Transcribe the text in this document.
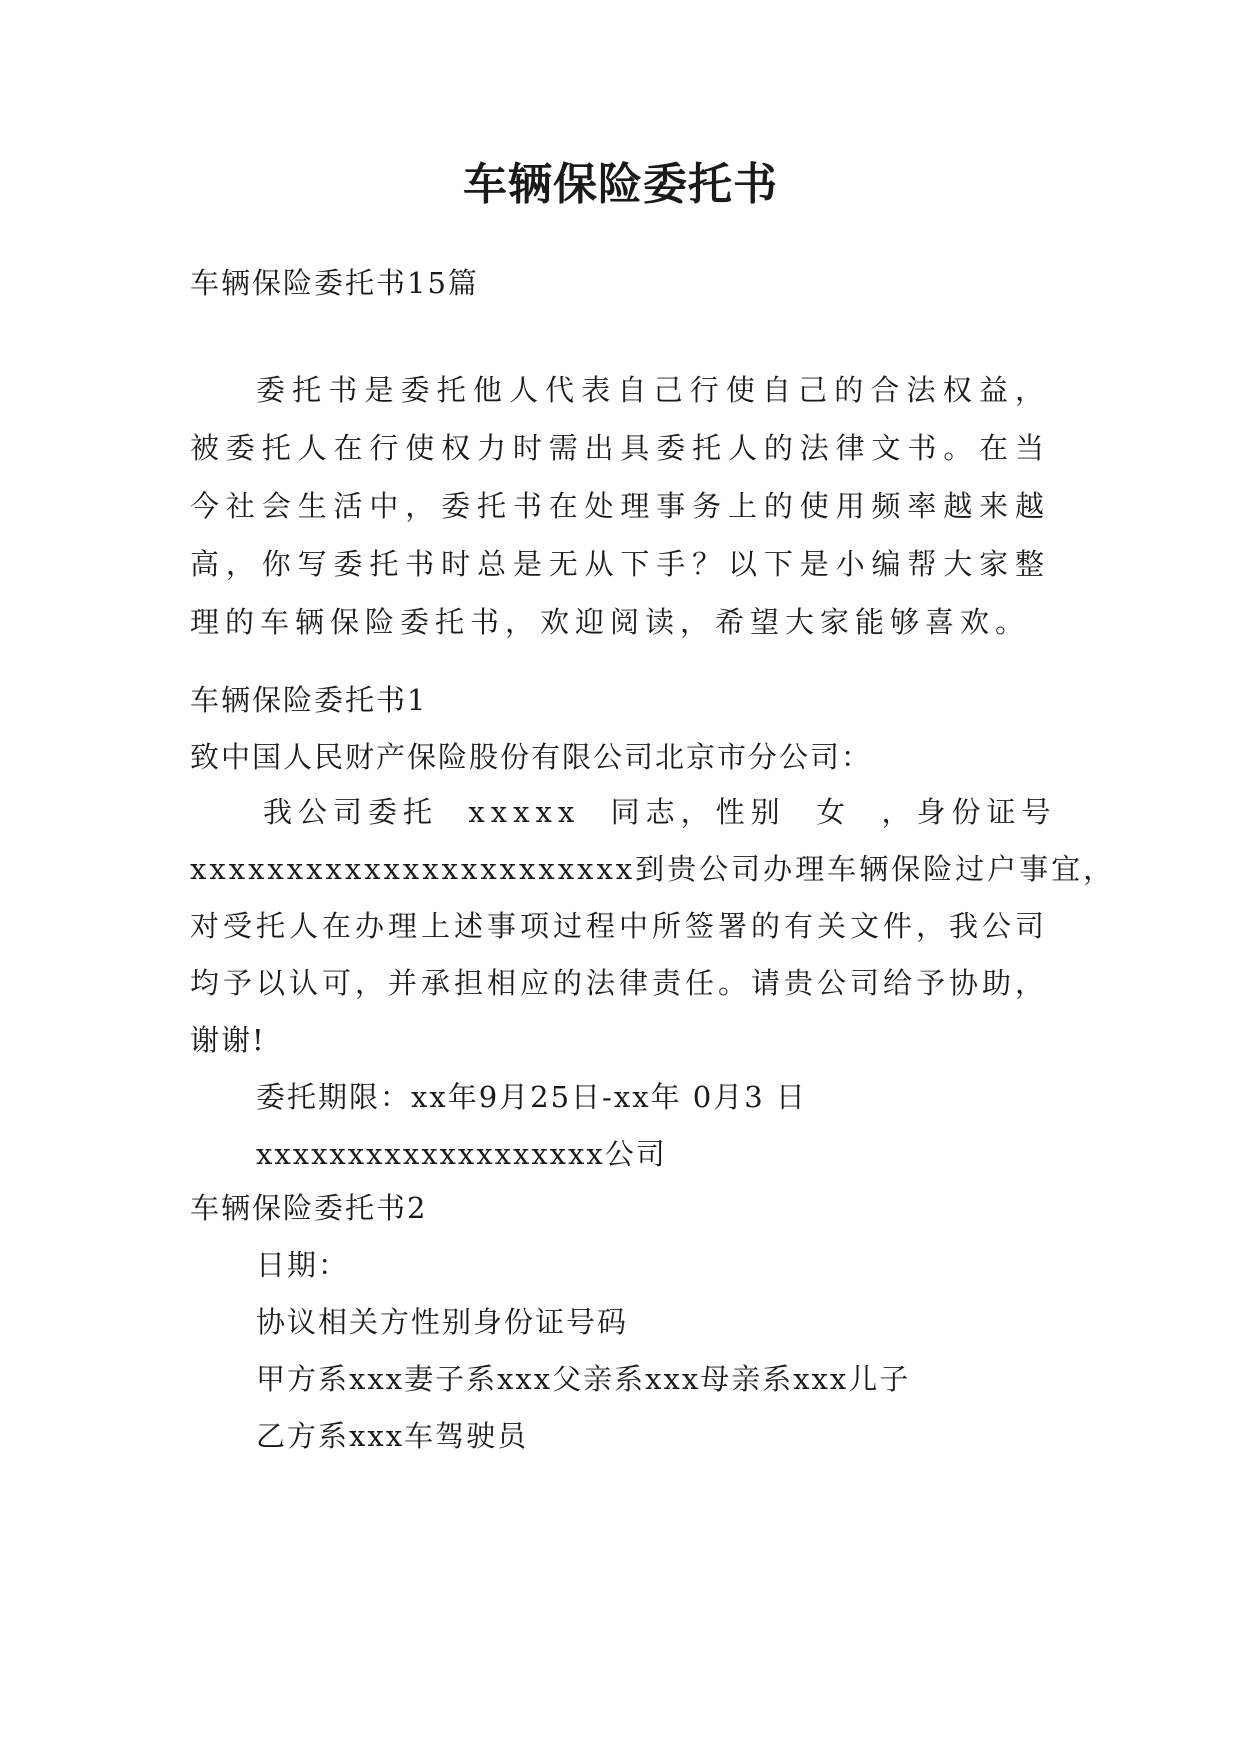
车辆保险委托书
车辆保险委托书15篇
委托书是委托他人代表自己行使自己的合法权益，被委托人在行使权力时需出具委托人的法律文书。在当今社会生活中，委托书在处理事务上的使用频率越来越高，你写委托书时总是无从下手？以下是小编帮大家整理的车辆保险委托书，欢迎阅读，希望大家能够喜欢。
车辆保险委托书1
致中国人民财产保险股份有限公司北京市分公司：
我公司委托  xxxxx  同志，性别  女  ，身份证号
xxxxxxxxxxxxxxxxxxxxxxx到贵公司办理车辆保险过户事宜，
对受托人在办理上述事项过程中所签署的有关文件，我公司
均予以认可，并承担相应的法律责任。请贵公司给予协助，
谢谢!
委托期限：xx年9月25日-xx年 0月3 日
xxxxxxxxxxxxxxxxxxx公司
车辆保险委托书2
日期：
协议相关方性别身份证号码
甲方系xxx妻子系xxx父亲系xxx母亲系xxx儿子
乙方系xxx车驾驶员
